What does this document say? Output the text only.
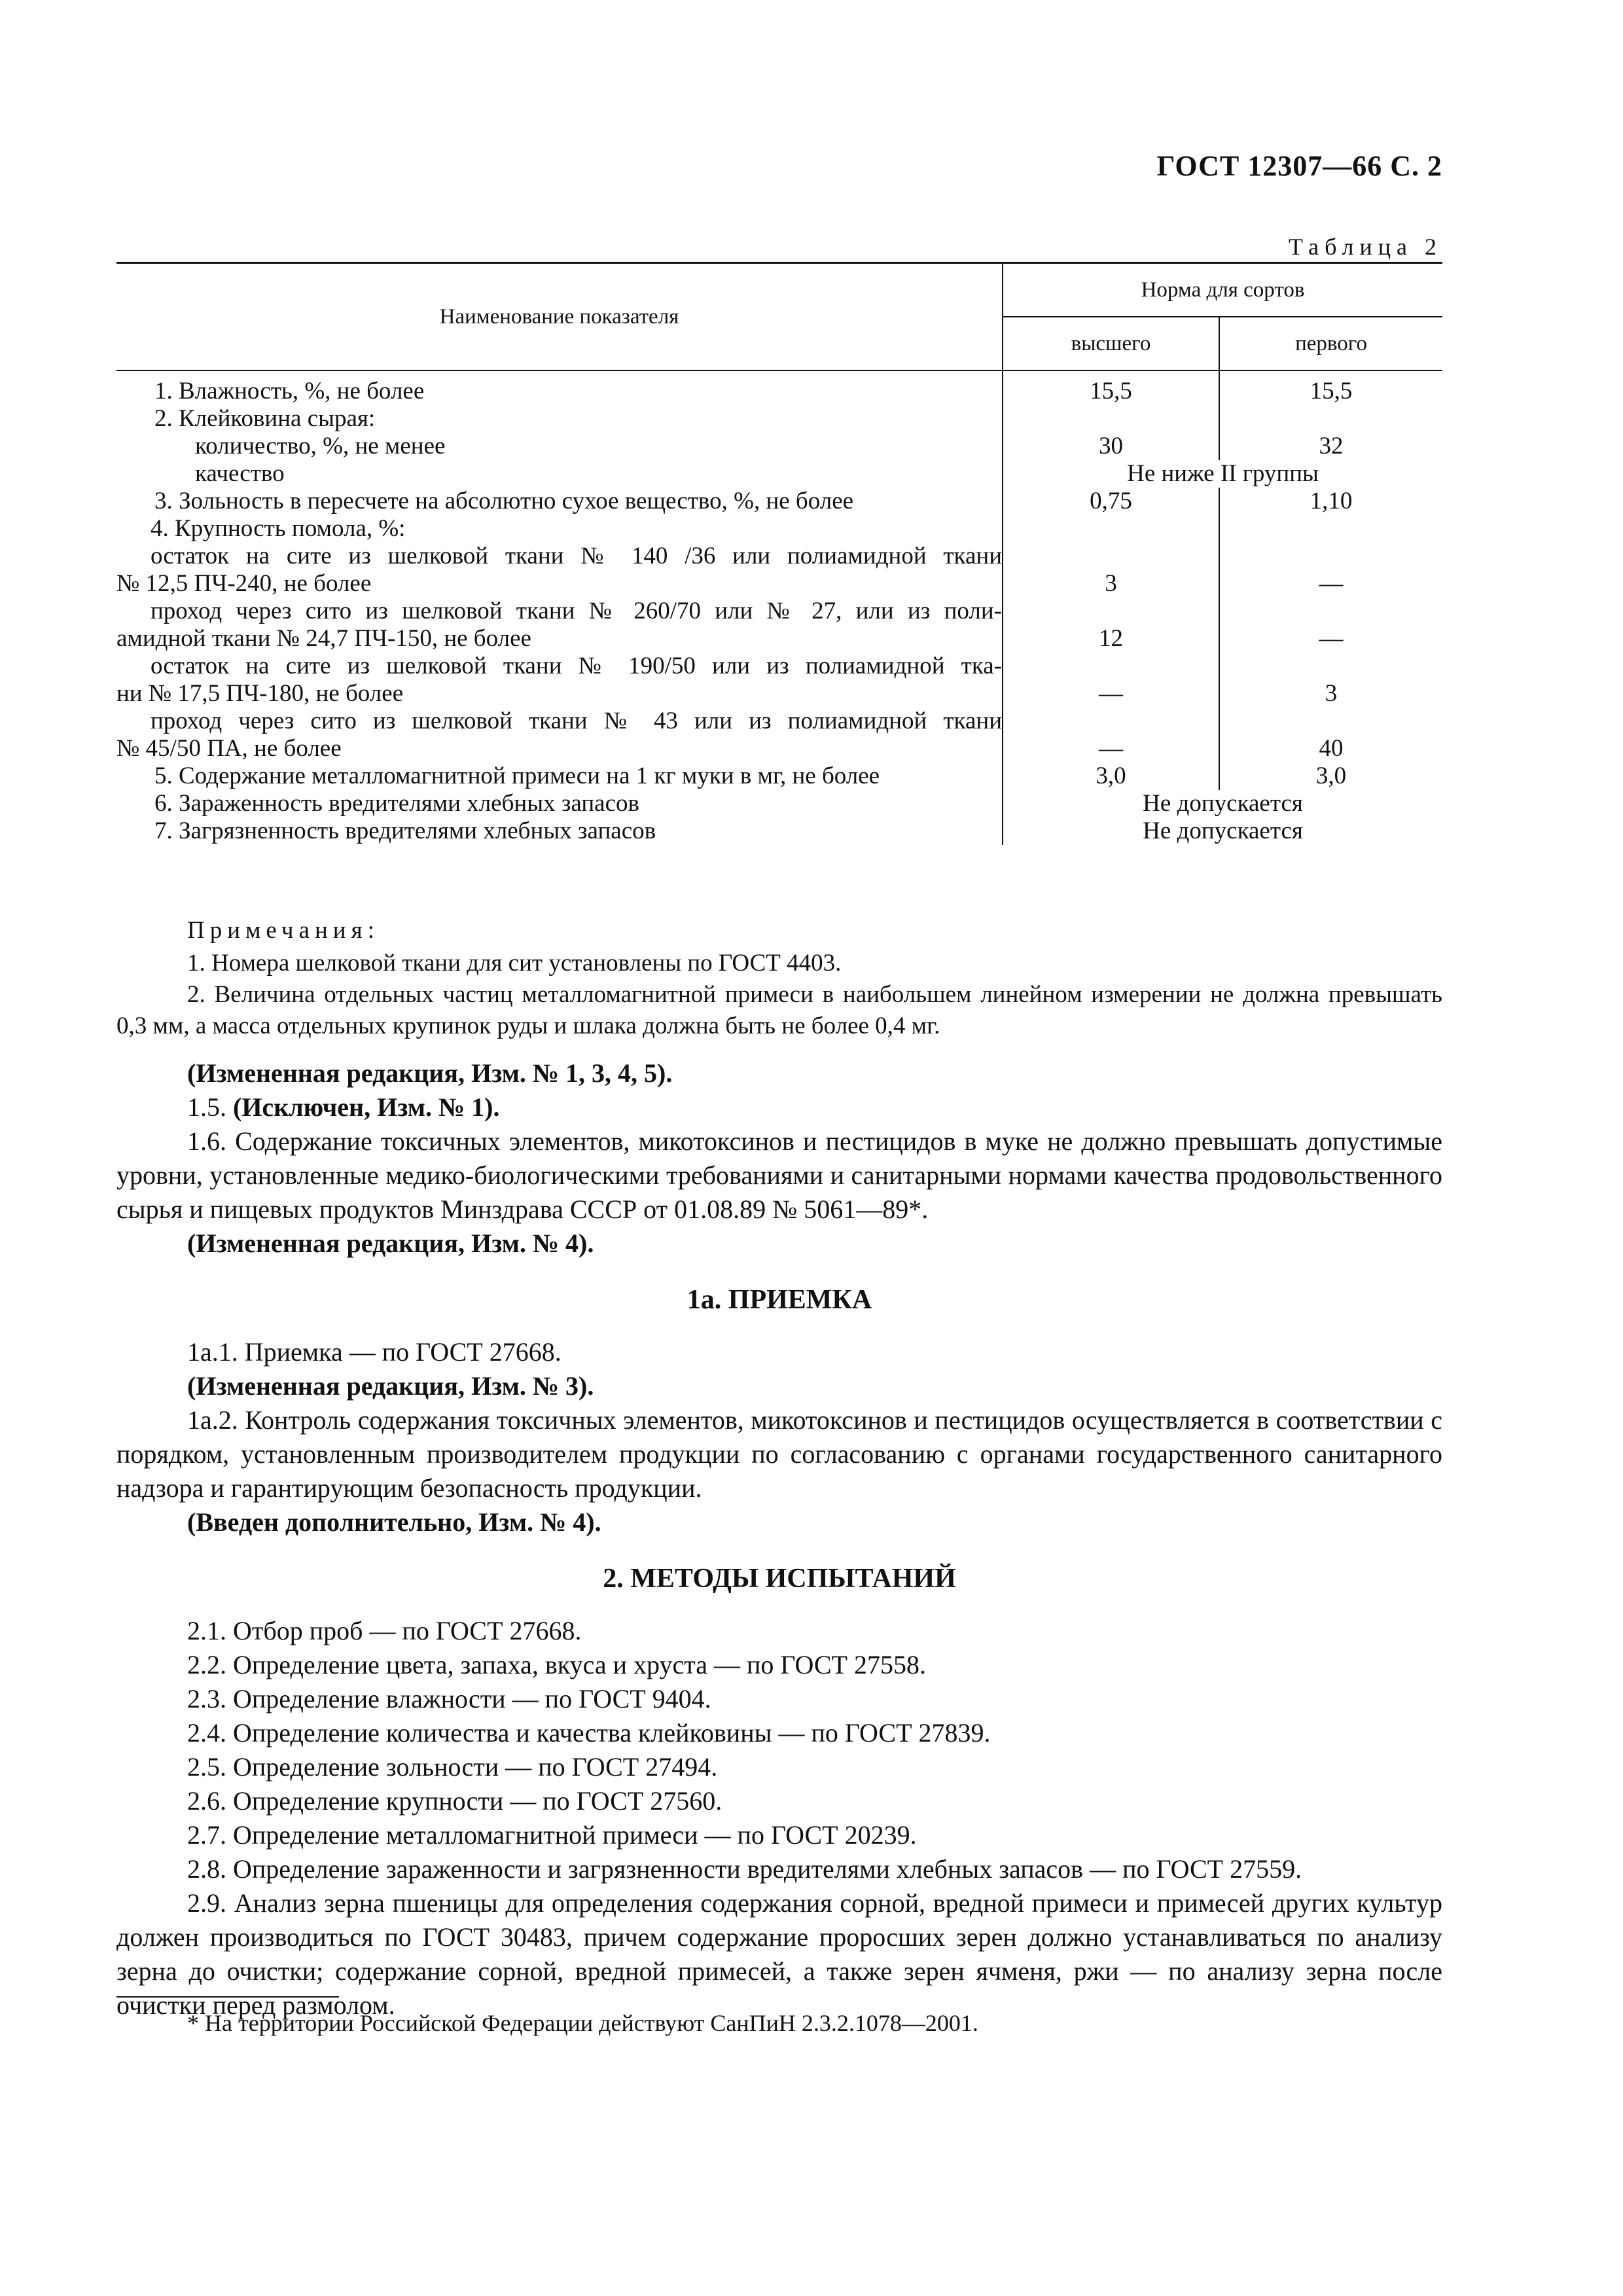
ГОСТ 12307—66 С. 2
Таблица 2
Наименование показателя	Норма для сортов	
	высшего	первого
1. Влажность, %, не более	15,5	15,5
2. Клейковина сырая:		
количество, %, не менее	30	32
качество	Не ниже II группы	
3. Зольность в пересчете на абсолютно сухое вещество, %, не более	0,75	1,10
4. Крупность помола, %:		
остаток на сите из шелковой ткани № 140 /36 или полиамидной ткани		
№ 12,5 ПЧ-240, не более	3	—
проход через сито из шелковой ткани № 260/70 или № 27, или из поли-		
амидной ткани № 24,7 ПЧ-150, не более	12	—
остаток на сите из шелковой ткани № 190/50 или из полиамидной тка-		
ни № 17,5 ПЧ-180, не более	—	3
проход через сито из шелковой ткани № 43 или из полиамидной ткани		
№ 45/50 ПА, не более	—	40
5. Содержание металломагнитной примеси на 1 кг муки в мг, не более	3,0	3,0
6. Зараженность вредителями хлебных запасов	Не допускается	
7. Загрязненность вредителями хлебных запасов	Не допускается	

Примечания:

1. Номера шелковой ткани для сит установлены по ГОСТ 4403.

2. Величина отдельных частиц металломагнитной примеси в наибольшем линейном измерении не должна превышать 0,3 мм, а масса отдельных крупинок руды и шлака должна быть не более 0,4 мг.

(Измененная редакция, Изм. № 1, 3, 4, 5).

1.5. (Исключен, Изм. № 1).

1.6. Содержание токсичных элементов, микотоксинов и пестицидов в муке не должно превышать допустимые уровни, установленные медико-биологическими требованиями и санитарными нормами качества продовольственного сырья и пищевых продуктов Минздрава СССР от 01.08.89 № 5061—89*.

(Измененная редакция, Изм. № 4).

1а. ПРИЕМКА

1а.1. Приемка — по ГОСТ 27668.

(Измененная редакция, Изм. № 3).

1а.2. Контроль содержания токсичных элементов, микотоксинов и пестицидов осуществляется в соответствии с порядком, установленным производителем продукции по согласованию с органами государственного санитарного надзора и гарантирующим безопасность продукции.

(Введен дополнительно, Изм. № 4).

2. МЕТОДЫ ИСПЫТАНИЙ

2.1. Отбор проб — по ГОСТ 27668.

2.2. Определение цвета, запаха, вкуса и хруста — по ГОСТ 27558.

2.3. Определение влажности — по ГОСТ 9404.

2.4. Определение количества и качества клейковины — по ГОСТ 27839.

2.5. Определение зольности — по ГОСТ 27494.

2.6. Определение крупности — по ГОСТ 27560.

2.7. Определение металломагнитной примеси — по ГОСТ 20239.

2.8. Определение зараженности и загрязненности вредителями хлебных запасов — по ГОСТ 27559.

2.9. Анализ зерна пшеницы для определения содержания сорной, вредной примеси и примесей других культур должен производиться по ГОСТ 30483, причем содержание проросших зерен должно устанавливаться по анализу зерна до очистки; содержание сорной, вредной примесей, а также зерен ячменя, ржи — по анализу зерна после очистки перед размолом.

* На территории Российской Федерации действуют СанПиН 2.3.2.1078—2001.
